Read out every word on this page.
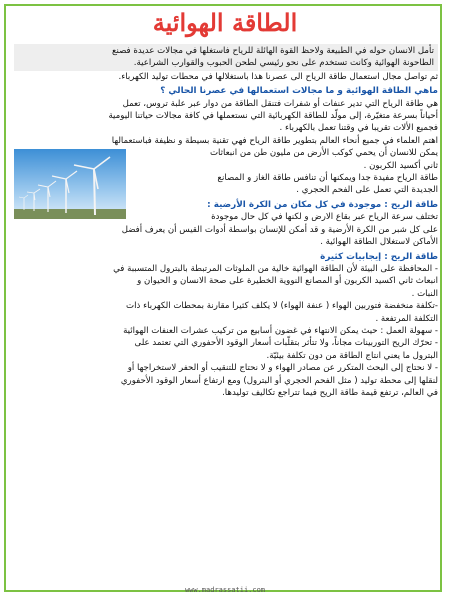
الطاقة الهوائية

تأمل الانسان حوله في الطبيعة ولاحظ القوة الهائلة للرياح فاستغلها في مجالات عديدة فصنع

الطاحونة الهوائية وكانت تستخدم على نحو رئيسي لطحن الحبوب والقوارب الشراعية.

ثم تواصل مجال استعمال طاقة الرياح الى عصرنا هذا باستغلالها في محطات توليد الكهرباء.

ماهي الطاقة الهوائية و ما مجالات استعمالها في عصرنا الحالي ؟

هي طاقة الرياح التي تدير عنفات أو شفرات فتنقل الطاقة من دوار عبر علبة تروس، تعمل

أحياناً بسرعة متغيّرة، إلى مولّد للطاقة الكهربائية التي نستعملها في كافة مجالات حياتنا اليومية

فجميع الألات تقريبا في وقتنا تعمل بالكهرباء .

اهتم العلماء في جميع أنحاء العالم بتطوير طاقة الرياح فهي تقنية بسيطة و نظيفة فباستعمالها

يمكن للانسان أن يحمي كوكب الأرض من مليون طن من انبعاثات

ثاني أكسيد الكربون .

طاقة الرياح مفيدة جدا ويمكنها أن تنافس طاقة الغاز و المصانع

الجديدة التي تعمل على الفحم الحجري .

طاقة الريح : موجودة في كل مكان من الكرة الأرضية :

تختلف سرعة الرياح عبر بقاع الارض و لكنها في كل حال موجودة

على كل شبر من الكرة الأرضية و قد أمكن للإنسان بواسطة أدوات القيس أن يعرف أفضل

الأماكن لاستغلال الطاقة الهوائية .

طاقة الريح : إيجابيات كثيرة

- المحافظة على البيئة لأن الطاقة الهوائية خالية من الملوثات المرتبطة بالبترول المتسببة في

انبعاث ثاني اكسيد الكربون أو المصانع النووية الخطيرة على صحة الانسان و الحيوان و

النبات .

-تكلفة منخفضة فتوربين الهواء ( عنفة الهواء) لا يكلف كثيرا مقارنة بمحطات الكهرباء ذات

التكلفة المرتفعة .

- سهولة العمل : حيث يمكن الانتهاء في غضون أسابيع من تركيب عشرات العنفات الهوائية

- تحرّك الريح التوربينات مجاناً، ولا تتأثر بتقلّبات أسعار الوقود الأحفوري التي تعتمد على

البترول ما يعني انتاج الطاقة من دون تكلفة بيئيّة.

- لا نحتاج إلى البحث المتكرر عن مصادر الهواء و لا نحتاج للتنقيب أو الحفر لاستخراجها أو

لنقلها إلى محطة توليد ( مثل الفحم الحجري أو البترول) ومع ارتفاع أسعار الوقود الأحفوري

في العالم، ترتفع قيمة طاقة الريح فيما تتراجع تكاليف توليدها.

www.madrassatii.com
